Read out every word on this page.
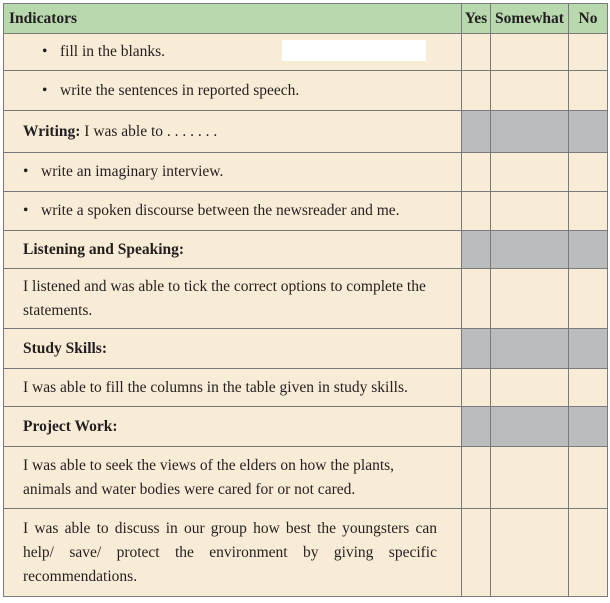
Indicators	Yes	Somewhat	No
• fill in the blanks.			
• write the sentences in reported speech.			
Writing: I was able to . . . . . . .			
• write an imaginary interview.			
• write a spoken discourse between the newsreader and me.			
Listening and Speaking:			
I listened and was able to tick the correct options to complete the statements.			
Study Skills:			
I was able to fill the columns in the table given in study skills.			
Project Work:			
I was able to seek the views of the elders on how the plants, animals and water bodies were cared for or not cared.			
I was able to discuss in our group how best the youngsters can help/ save/ protect the environment by giving specific recommendations.			
